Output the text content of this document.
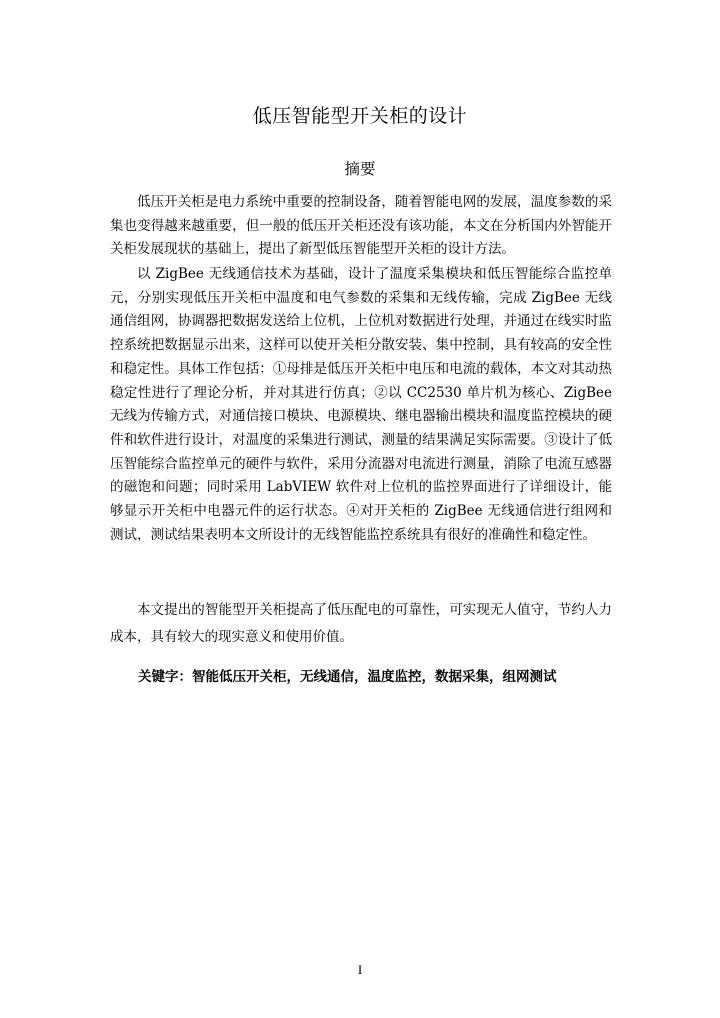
低压智能型开关柜的设计
摘要

低压开关柜是电力系统中重要的控制设备，随着智能电网的发展，温度参数的采集也变得越来越重要，但一般的低压开关柜还没有该功能，本文在分析国内外智能开关柜发展现状的基础上，提出了新型低压智能型开关柜的设计方法。

以 ZigBee 无线通信技术为基础，设计了温度采集模块和低压智能综合监控单元，分别实现低压开关柜中温度和电气参数的采集和无线传输，完成 ZigBee 无线通信组网，协调器把数据发送给上位机，上位机对数据进行处理，并通过在线实时监控系统把数据显示出来，这样可以使开关柜分散安装、集中控制，具有较高的安全性和稳定性。具体工作包括：①母排是低压开关柜中电压和电流的载体，本文对其动热稳定性进行了理论分析，并对其进行仿真；②以 CC2530 单片机为核心、ZigBee 无线为传输方式，对通信接口模块、电源模块、继电器输出模块和温度监控模块的硬件和软件进行设计，对温度的采集进行测试，测量的结果满足实际需要。③设计了低压智能综合监控单元的硬件与软件，采用分流器对电流进行测量，消除了电流互感器的磁饱和问题；同时采用 LabVIEW 软件对上位机的监控界面进行了详细设计，能够显示开关柜中电器元件的运行状态。④对开关柜的 ZigBee 无线通信进行组网和测试，测试结果表明本文所设计的无线智能监控系统具有很好的准确性和稳定性。

本文提出的智能型开关柜提高了低压配电的可靠性，可实现无人值守，节约人力成本，具有较大的现实意义和使用价值。

关键字：智能低压开关柜，无线通信，温度监控，数据采集，组网测试
I
